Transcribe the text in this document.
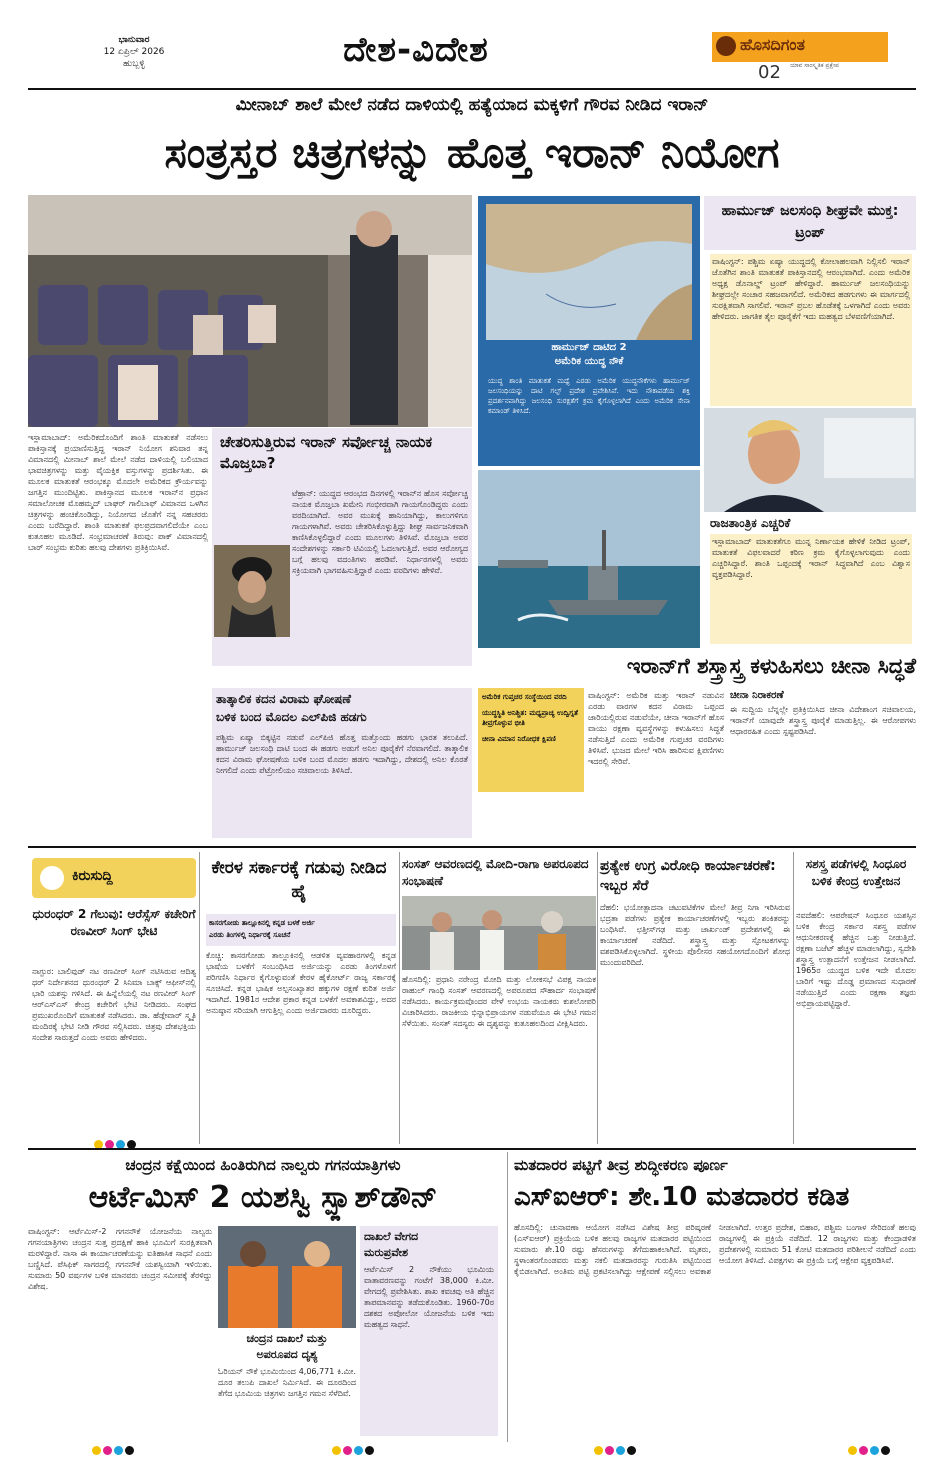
ಭಾನುವಾರ
12 ಏಪ್ರಿಲ್ 2026
ಹುಬ್ಬಳ್ಳಿ	ದೇಶ-ವಿದೇಶ	ಹೊಸದಿಗಂತ
ಯಾವ ಸಾಂಸ್ಕೃತಿಕ ಪ್ರಕ್ಷೇಪ
02
ಮೀನಾಬ್ ಶಾಲೆ ಮೇಲೆ ನಡೆದ ದಾಳಿಯಲ್ಲಿ ಹತ್ಯೆಯಾದ ಮಕ್ಕಳಿಗೆ ಗೌರವ ನೀಡಿದ ಇರಾನ್
ಸಂತ್ರಸ್ತರ ಚಿತ್ರಗಳನ್ನು ಹೊತ್ತ ಇರಾನ್ ನಿಯೋಗ
ಇಸ್ಲಾಮಾಬಾದ್: ಅಮೆರಿಕದೊಂದಿಗೆ ಶಾಂತಿ ಮಾತುಕತೆ ನಡೆಸಲು ಪಾಕಿಸ್ತಾನಕ್ಕೆ ಪ್ರಯಾಣಿಸುತ್ತಿದ್ದ ಇರಾನ್ ನಿಯೋಗ ಶನಿವಾರ ತನ್ನ ವಿಮಾನದಲ್ಲಿ ಮೀನಾಬ್ ಶಾಲೆ ಮೇಲೆ ನಡೆದ ದಾಳಿಯಲ್ಲಿ ಬಲಿಯಾದ ಭಾವಚಿತ್ರಗಳನ್ನು ಮತ್ತು ವೈಯಕ್ತಿಕ ವಸ್ತುಗಳನ್ನು ಪ್ರದರ್ಶಿಸಿತು. ಈ ಮೂಲಕ ಮಾತುಕತೆ ಆರಂಭಕ್ಕೂ ಮೊದಲೇ ಅಮೆರಿಕದ ಕ್ರೌರ್ಯವನ್ನು ಜಗತ್ತಿನ ಮುಂದಿಟ್ಟಿತು. ಪಾಕಿಸ್ತಾನದ ಮೂಲಕ ಇರಾನ್‌ನ ಪ್ರಧಾನ ಸಮಾಲೋಚಕ ಮೊಹಮ್ಮದ್ ಬಾಘರ್ ಗಾಲಿಬಾಫ್ ವಿಮಾನದ ಒಳಗಿನ ಚಿತ್ರಗಳನ್ನು ಹಂಚಿಕೊಂಡಿದ್ದು, ನಿಯೋಗದ ಜೊತೆಗೆ ನನ್ನ ಸಹಚರರು ಎಂದು ಬರೆದಿದ್ದಾರೆ. ಶಾಂತಿ ಮಾತುಕತೆ ಫಲಪ್ರದವಾಗಲಿದೆಯೇ ಎಂಬ ಕುತೂಹಲ ಮೂಡಿದೆ. ಸಂಭ್ರಮಾಚರಣೆ ತಿರುವು: ಪಾಕ್ ವಿಮಾನದಲ್ಲಿ ಬಾರ್ ಸಂಭ್ರಮ ಕುರಿತು ಹಲವು ದೇಶಗಳು ಪ್ರತಿಕ್ರಿಯಿಸಿವೆ.
ಚೇತರಿಸುತ್ತಿರುವ ಇರಾನ್ ಸರ್ವೋಚ್ಚ ನಾಯಕ ಮೊಜ್ತಬಾ?
ಟೆಹ್ರಾನ್: ಯುದ್ಧದ ಆರಂಭದ ದಿನಗಳಲ್ಲಿ ಇರಾನ್‌ನ ಹೊಸ ಸರ್ವೋಚ್ಚ ನಾಯಕ ಮೊಜ್ತಬಾ ಖಮೇನಿ ಗಂಭೀರವಾಗಿ ಗಾಯಗೊಂಡಿದ್ದರು ಎಂದು ವರದಿಯಾಗಿದೆ. ಅವರ ಮುಖಕ್ಕೆ ಹಾನಿಯಾಗಿದ್ದು, ಕಾಲುಗಳಿಗೂ ಗಾಯಗಳಾಗಿವೆ. ಅವರು ಚೇತರಿಸಿಕೊಳ್ಳುತ್ತಿದ್ದು ಶೀಘ್ರ ಸಾರ್ವಜನಿಕವಾಗಿ ಕಾಣಿಸಿಕೊಳ್ಳಲಿದ್ದಾರೆ ಎಂದು ಮೂಲಗಳು ತಿಳಿಸಿವೆ. ಮೊಜ್ತಬಾ ಅವರ ಸಂದೇಶಗಳನ್ನು ಸರ್ಕಾರಿ ಟಿವಿಯಲ್ಲಿ ಓದಲಾಗುತ್ತಿದೆ. ಅವರ ಆರೋಗ್ಯದ ಬಗ್ಗೆ ಹಲವು ವದಂತಿಗಳು ಹರಡಿವೆ. ನಿರ್ಧಾರಗಳಲ್ಲಿ ಅವರು ಸಕ್ರಿಯವಾಗಿ ಭಾಗವಹಿಸುತ್ತಿದ್ದಾರೆ ಎಂದು ವರದಿಗಳು ಹೇಳಿವೆ.
ಹಾರ್ಮುಜ್ ದಾಟಿದ 2
ಅಮೆರಿಕ ಯುದ್ಧ ನೌಕೆ
ಯುದ್ಧ ಶಾಂತಿ ಮಾತುಕತೆ ಮಧ್ಯೆ ಎರಡು ಅಮೆರಿಕ ಯುದ್ಧನೌಕೆಗಳು ಹಾರ್ಮುಜ್ ಜಲಸಂಧಿಯನ್ನು ದಾಟಿ ಗಲ್ಫ್ ಪ್ರದೇಶ ಪ್ರವೇಶಿಸಿವೆ. ಇದು ನೌಕಾಪಡೆಯ ಶಕ್ತಿ ಪ್ರದರ್ಶನವಾಗಿದ್ದು ಜಲಸಂಧಿ ಸುರಕ್ಷತೆಗೆ ಕ್ರಮ ಕೈಗೊಳ್ಳಲಾಗಿದೆ ಎಂದು ಅಮೆರಿಕ ಸೇನಾ ಕಮಾಂಡ್ ತಿಳಿಸಿದೆ.
ಹಾರ್ಮುಜ್ ಜಲಸಂಧಿ ಶೀಘ್ರವೇ ಮುಕ್ತ: ಟ್ರಂಪ್
ವಾಷಿಂಗ್ಟನ್: ಪಶ್ಚಿಮ ಏಷ್ಯಾ ಯುದ್ಧದಲ್ಲಿ ಕೋಲಾಹಲವಾಗಿ ನಿಲ್ಲಿಸಲಿ ಇರಾನ್ ಜೊತೆಗಿನ ಶಾಂತಿ ಮಾತುಕತೆ ಪಾಕಿಸ್ತಾನದಲ್ಲಿ ಆರಂಭವಾಗಿದೆ. ಎಂದು ಅಮೆರಿಕ ಅಧ್ಯಕ್ಷ ಡೊನಾಲ್ಡ್ ಟ್ರಂಪ್ ಹೇಳಿದ್ದಾರೆ. ಹಾರ್ಮುಜ್ ಜಲಸಂಧಿಯನ್ನು ಶೀಘ್ರದಲ್ಲೇ ಸಂಚಾರ ಸಹಜವಾಗಲಿದೆ. ಅಮೆರಿಕದ ಹಡಗುಗಳು ಈ ಮಾರ್ಗದಲ್ಲಿ ಸುರಕ್ಷಿತವಾಗಿ ಸಾಗಲಿವೆ. ಇರಾನ್ ಪ್ರಬಲ ಹೊಡೆತಕ್ಕೆ ಒಳಗಾಗಿದೆ ಎಂದು ಅವರು ಹೇಳಿದರು. ಜಾಗತಿಕ ತೈಲ ಪೂರೈಕೆಗೆ ಇದು ಮಹತ್ವದ ಬೆಳವಣಿಗೆಯಾಗಿದೆ.
ರಾಜತಾಂತ್ರಿಕ ಎಚ್ಚರಿಕೆ
ಇಸ್ಲಾಮಾಬಾದ್ ಮಾತುಕತೆಗೂ ಮುನ್ನ ನಿರ್ಣಾಯಕ ಹೇಳಿಕೆ ನೀಡಿದ ಟ್ರಂಪ್, ಮಾತುಕತೆ ವಿಫಲವಾದರೆ ಕಠಿಣ ಕ್ರಮ ಕೈಗೊಳ್ಳಲಾಗುವುದು ಎಂದು ಎಚ್ಚರಿಸಿದ್ದಾರೆ. ಶಾಂತಿ ಒಪ್ಪಂದಕ್ಕೆ ಇರಾನ್ ಸಿದ್ಧವಾಗಿದೆ ಎಂಬ ವಿಶ್ವಾಸ ವ್ಯಕ್ತಪಡಿಸಿದ್ದಾರೆ.
ಇರಾನ್‌ಗೆ ಶಸ್ತ್ರಾಸ್ತ್ರ ಕಳುಹಿಸಲು ಚೀನಾ ಸಿದ್ಧತೆ
ಅಮೆರಿಕ ಗುಪ್ತಚರ ಸಂಸ್ಥೆಯಿಂದ ವರದಿ
ಯುದ್ಧಸ್ಥಿತಿ ಅನಿಶ್ಚಿತ: ಮಧ್ಯಪ್ರಾಚ್ಯ ಉದ್ವಿಗ್ನತೆ ತೀವ್ರಗೊಳ್ಳುವ ಭೀತಿ
ಚೀನಾ ವಿಮಾನ ನಿರೋಧಕ ಕ್ಷಿಪಣಿ
ವಾಷಿಂಗ್ಟನ್: ಅಮೆರಿಕ ಮತ್ತು ಇರಾನ್ ನಡುವಿನ ಎರಡು ವಾರಗಳ ಕದನ ವಿರಾಮ ಒಪ್ಪಂದ ಜಾರಿಯಲ್ಲಿರುವ ನಡುವೆಯೇ, ಚೀನಾ ಇರಾನ್‌ಗೆ ಹೊಸ ವಾಯು ರಕ್ಷಣಾ ವ್ಯವಸ್ಥೆಗಳನ್ನು ಕಳುಹಿಸಲು ಸಿದ್ಧತೆ ನಡೆಸುತ್ತಿದೆ ಎಂದು ಅಮೆರಿಕ ಗುಪ್ತಚರ ವರದಿಗಳು ತಿಳಿಸಿವೆ. ಭುಜದ ಮೇಲೆ ಇರಿಸಿ ಹಾರಿಸುವ ಕ್ಷಿಪಣಿಗಳು ಇದರಲ್ಲಿ ಸೇರಿವೆ.
ಚೀನಾ ನಿರಾಕರಣೆ
ಈ ಸುದ್ದಿಯ ಬೆನ್ನಲ್ಲೇ ಪ್ರತಿಕ್ರಿಯಿಸಿದ ಚೀನಾ ವಿದೇಶಾಂಗ ಸಚಿವಾಲಯ, ಇರಾನ್‌ಗೆ ಯಾವುದೇ ಶಸ್ತ್ರಾಸ್ತ್ರ ಪೂರೈಕೆ ಮಾಡುತ್ತಿಲ್ಲ. ಈ ಆರೋಪಗಳು ಆಧಾರರಹಿತ ಎಂದು ಸ್ಪಷ್ಟಪಡಿಸಿದೆ.
ತಾತ್ಕಾಲಿಕ ಕದನ ವಿರಾಮ ಘೋಷಣೆ
ಬಳಿಕ ಬಂದ ಮೊದಲ ಎಲ್‌ಪಿಜಿ ಹಡಗು
ಪಶ್ಚಿಮ ಏಷ್ಯಾ ಬಿಕ್ಕಟ್ಟಿನ ನಡುವೆ ಎಲ್‌ಪಿಜಿ ಹೊತ್ತ ಮತ್ತೊಂದು ಹಡಗು ಭಾರತ ತಲುಪಿದೆ. ಹಾರ್ಮುಜ್ ಜಲಸಂಧಿ ದಾಟಿ ಬಂದ ಈ ಹಡಗು ಅಡುಗೆ ಅನಿಲ ಪೂರೈಕೆಗೆ ನೆರವಾಗಲಿದೆ. ತಾತ್ಕಾಲಿಕ ಕದನ ವಿರಾಮ ಘೋಷಣೆಯ ಬಳಿಕ ಬಂದ ಮೊದಲ ಹಡಗು ಇದಾಗಿದ್ದು, ದೇಶದಲ್ಲಿ ಅನಿಲ ಕೊರತೆ ನೀಗಲಿದೆ ಎಂದು ಪೆಟ್ರೋಲಿಯಂ ಸಚಿವಾಲಯ ತಿಳಿಸಿದೆ.
ಕಿರುಸುದ್ದಿ
ಧುರಂಧರ್ 2 ಗೆಲುವು: ಆರೆಸ್ಸೆಸ್ ಕಚೇರಿಗೆ ರಣವೀರ್ ಸಿಂಗ್ ಭೇಟಿ
ನಾಗ್ಪುರ: ಬಾಲಿವುಡ್ ನಟ ರಣವೀರ್ ಸಿಂಗ್ ನಟಿಸಿರುವ ಆದಿತ್ಯ ಧರ್ ನಿರ್ದೇಶನದ ಧುರಂಧರ್ 2 ಸಿನಿಮಾ ಬಾಕ್ಸ್ ಆಫೀಸ್‌ನಲ್ಲಿ ಭಾರಿ ಯಶಸ್ಸು ಗಳಿಸಿದೆ. ಈ ಹಿನ್ನೆಲೆಯಲ್ಲಿ ನಟ ರಣವೀರ್ ಸಿಂಗ್ ಆರ್‌ಎಸ್‌ಎಸ್ ಕೇಂದ್ರ ಕಚೇರಿಗೆ ಭೇಟಿ ನೀಡಿದರು. ಸಂಘದ ಪ್ರಮುಖರೊಂದಿಗೆ ಮಾತುಕತೆ ನಡೆಸಿದರು. ಡಾ. ಹೆಡ್ಗೇವಾರ್ ಸ್ಮೃತಿ ಮಂದಿರಕ್ಕೆ ಭೇಟಿ ನೀಡಿ ಗೌರವ ಸಲ್ಲಿಸಿದರು. ಚಿತ್ರವು ದೇಶಭಕ್ತಿಯ ಸಂದೇಶ ಸಾರುತ್ತದೆ ಎಂದು ಅವರು ಹೇಳಿದರು.
ಕೇರಳ ಸರ್ಕಾರಕ್ಕೆ ಗಡುವು ನೀಡಿದ ಹೈ
ಕಾಸರಗೋಡು ತಾಲ್ಲೂಕಿನಲ್ಲಿ ಕನ್ನಡ ಬಳಕೆ ಅರ್ಜಿ
ಎರಡು ತಿಂಗಳಲ್ಲಿ ನಿರ್ಧಾರಕ್ಕೆ ಸೂಚನೆ
ಕೊಚ್ಚಿ: ಕಾಸರಗೋಡು ತಾಲ್ಲೂಕಿನಲ್ಲಿ ಆಡಳಿತ ವ್ಯವಹಾರಗಳಲ್ಲಿ ಕನ್ನಡ ಭಾಷೆಯ ಬಳಕೆಗೆ ಸಂಬಂಧಿಸಿದ ಅರ್ಜಿಯನ್ನು ಎರಡು ತಿಂಗಳೊಳಗೆ ಪರಿಗಣಿಸಿ ನಿರ್ಧಾರ ಕೈಗೊಳ್ಳುವಂತೆ ಕೇರಳ ಹೈಕೋರ್ಟ್ ರಾಜ್ಯ ಸರ್ಕಾರಕ್ಕೆ ಸೂಚಿಸಿದೆ. ಕನ್ನಡ ಭಾಷಿಕ ಅಲ್ಪಸಂಖ್ಯಾತರ ಹಕ್ಕುಗಳ ರಕ್ಷಣೆ ಕುರಿತ ಅರ್ಜಿ ಇದಾಗಿದೆ. 1981ರ ಆದೇಶ ಪ್ರಕಾರ ಕನ್ನಡ ಬಳಕೆಗೆ ಅವಕಾಶವಿದ್ದು, ಅದರ ಅನುಷ್ಠಾನ ಸರಿಯಾಗಿ ಆಗುತ್ತಿಲ್ಲ ಎಂದು ಅರ್ಜಿದಾರರು ದೂರಿದ್ದರು.
ಸಂಸತ್ ಆವರಣದಲ್ಲಿ ಮೋದಿ-ರಾಗಾ ಅಪರೂಪದ ಸಂಭಾಷಣೆ
ಹೊಸದಿಲ್ಲಿ: ಪ್ರಧಾನಿ ನರೇಂದ್ರ ಮೋದಿ ಮತ್ತು ಲೋಕಸಭೆ ವಿಪಕ್ಷ ನಾಯಕ ರಾಹುಲ್ ಗಾಂಧಿ ಸಂಸತ್ ಆವರಣದಲ್ಲಿ ಅಪರೂಪದ ಸೌಹಾರ್ದ ಸಂಭಾಷಣೆ ನಡೆಸಿದರು. ಕಾರ್ಯಕ್ರಮವೊಂದರ ವೇಳೆ ಉಭಯ ನಾಯಕರು ಕುಶಲೋಪರಿ ವಿಚಾರಿಸಿದರು. ರಾಜಕೀಯ ಭಿನ್ನಾಭಿಪ್ರಾಯಗಳ ನಡುವೆಯೂ ಈ ಭೇಟಿ ಗಮನ ಸೆಳೆಯಿತು. ಸಂಸತ್ ಸದಸ್ಯರು ಈ ದೃಶ್ಯವನ್ನು ಕುತೂಹಲದಿಂದ ವೀಕ್ಷಿಸಿದರು.
ಪ್ರತ್ಯೇಕ ಉಗ್ರ ವಿರೋಧಿ ಕಾರ್ಯಾಚರಣೆ: ಇಬ್ಬರ ಸೆರೆ
ದೆಹಲಿ: ಭಯೋತ್ಪಾದನಾ ಚಟುವಟಿಕೆಗಳ ಮೇಲೆ ತೀವ್ರ ನಿಗಾ ಇರಿಸಿರುವ ಭದ್ರತಾ ಪಡೆಗಳು ಪ್ರತ್ಯೇಕ ಕಾರ್ಯಾಚರಣೆಗಳಲ್ಲಿ ಇಬ್ಬರು ಶಂಕಿತರನ್ನು ಬಂಧಿಸಿವೆ. ಛತ್ತೀಸ್‌ಗಢ ಮತ್ತು ಜಾರ್ಖಂಡ್ ಪ್ರದೇಶಗಳಲ್ಲಿ ಈ ಕಾರ್ಯಾಚರಣೆ ನಡೆದಿದೆ. ಶಸ್ತ್ರಾಸ್ತ್ರ ಮತ್ತು ಸ್ಫೋಟಕಗಳನ್ನು ವಶಪಡಿಸಿಕೊಳ್ಳಲಾಗಿದೆ. ಸ್ಥಳೀಯ ಪೊಲೀಸರ ಸಹಯೋಗದೊಂದಿಗೆ ಶೋಧ ಮುಂದುವರಿದಿದೆ.
ಸಶಸ್ತ್ರ ಪಡೆಗಳಲ್ಲಿ ಸಿಂಧೂರ ಬಳಿಕ ಕೇಂದ್ರ ಉತ್ತೇಜನ
ನವದೆಹಲಿ: ಆಪರೇಷನ್ ಸಿಂಧೂರ ಯಶಸ್ಸಿನ ಬಳಿಕ ಕೇಂದ್ರ ಸರ್ಕಾರ ಸಶಸ್ತ್ರ ಪಡೆಗಳ ಆಧುನೀಕರಣಕ್ಕೆ ಹೆಚ್ಚಿನ ಒತ್ತು ನೀಡುತ್ತಿದೆ. ರಕ್ಷಣಾ ಬಜೆಟ್ ಹೆಚ್ಚಳ ಮಾಡಲಾಗಿದ್ದು, ಸ್ವದೇಶಿ ಶಸ್ತ್ರಾಸ್ತ್ರ ಉತ್ಪಾದನೆಗೆ ಉತ್ತೇಜನ ನೀಡಲಾಗಿದೆ. 1965ರ ಯುದ್ಧದ ಬಳಿಕ ಇದೇ ಮೊದಲ ಬಾರಿಗೆ ಇಷ್ಟು ದೊಡ್ಡ ಪ್ರಮಾಣದ ಸುಧಾರಣೆ ನಡೆಯುತ್ತಿದೆ ಎಂದು ರಕ್ಷಣಾ ತಜ್ಞರು ಅಭಿಪ್ರಾಯಪಟ್ಟಿದ್ದಾರೆ.
ಚಂದ್ರನ ಕಕ್ಷೆಯಿಂದ ಹಿಂತಿರುಗಿದ ನಾಲ್ವರು ಗಗನಯಾತ್ರಿಗಳು
ಆರ್ಟೆಮಿಸ್ 2 ಯಶಸ್ವಿ ಸ್ಪ್ಲಾಶ್‌ಡೌನ್
ವಾಷಿಂಗ್ಟನ್: ಆರ್ಟೆಮಿಸ್-2 ಗಗನನೌಕೆ ಯೋಜನೆಯ ನಾಲ್ವರು ಗಗನಯಾತ್ರಿಗಳು ಚಂದ್ರನ ಸುತ್ತ ಪ್ರದಕ್ಷಿಣೆ ಹಾಕಿ ಭೂಮಿಗೆ ಸುರಕ್ಷಿತವಾಗಿ ಮರಳಿದ್ದಾರೆ. ನಾಸಾ ಈ ಕಾರ್ಯಾಚರಣೆಯನ್ನು ಐತಿಹಾಸಿಕ ಸಾಧನೆ ಎಂದು ಬಣ್ಣಿಸಿದೆ. ಪೆಸಿಫಿಕ್ ಸಾಗರದಲ್ಲಿ ಗಗನನೌಕೆ ಯಶಸ್ವಿಯಾಗಿ ಇಳಿಯಿತು. ಸುಮಾರು 50 ವರ್ಷಗಳ ಬಳಿಕ ಮಾನವರು ಚಂದ್ರನ ಸಮೀಪಕ್ಕೆ ತೆರಳಿದ್ದು ವಿಶೇಷ.
ಚಂದ್ರನ ದಾಖಲೆ ಮತ್ತು
ಅಪರೂಪದ ದೃಶ್ಯ
ಓರಿಯನ್ ನೌಕೆ ಭೂಮಿಯಿಂದ 4,06,771 ಕಿ.ಮೀ. ದೂರ ತಲುಪಿ ದಾಖಲೆ ನಿರ್ಮಿಸಿದೆ. ಈ ದೂರದಿಂದ ತೆಗೆದ ಭೂಮಿಯ ಚಿತ್ರಗಳು ಜಗತ್ತಿನ ಗಮನ ಸೆಳೆದಿವೆ.
ದಾಖಲೆ ವೇಗದ
ಮರುಪ್ರವೇಶ
ಆರ್ಟೆಮಿಸ್ 2 ನೌಕೆಯು ಭೂಮಿಯ ವಾತಾವರಣವನ್ನು ಗಂಟೆಗೆ 38,000 ಕಿ.ಮೀ. ವೇಗದಲ್ಲಿ ಪ್ರವೇಶಿಸಿತು. ಶಾಖ ಕವಚವು ಅತಿ ಹೆಚ್ಚಿನ ತಾಪಮಾನವನ್ನು ತಡೆದುಕೊಂಡಿತು. 1960-70ರ ದಶಕದ ಅಪೋಲೋ ಯೋಜನೆಯ ಬಳಿಕ ಇದು ಮಹತ್ವದ ಸಾಧನೆ.
ಮತದಾರರ ಪಟ್ಟಿಗೆ ತೀವ್ರ ಶುದ್ಧೀಕರಣ ಪೂರ್ಣ
ಎಸ್‌ಐಆರ್: ಶೇ.10 ಮತದಾರರ ಕಡಿತ
ಹೊಸದಿಲ್ಲಿ: ಚುನಾವಣಾ ಆಯೋಗ ನಡೆಸಿದ ವಿಶೇಷ ತೀವ್ರ ಪರಿಷ್ಕರಣೆ (ಎಸ್‌ಐಆರ್) ಪ್ರಕ್ರಿಯೆಯ ಬಳಿಕ ಹಲವು ರಾಜ್ಯಗಳ ಮತದಾರರ ಪಟ್ಟಿಯಿಂದ ಸುಮಾರು ಶೇ.10 ರಷ್ಟು ಹೆಸರುಗಳನ್ನು ತೆಗೆದುಹಾಕಲಾಗಿದೆ. ಮೃತರು, ಸ್ಥಳಾಂತರಗೊಂಡವರು ಮತ್ತು ನಕಲಿ ಮತದಾರರನ್ನು ಗುರುತಿಸಿ ಪಟ್ಟಿಯಿಂದ ಕೈಬಿಡಲಾಗಿದೆ. ಅಂತಿಮ ಪಟ್ಟಿ ಪ್ರಕಟಿಸಲಾಗಿದ್ದು ಆಕ್ಷೇಪಣೆ ಸಲ್ಲಿಸಲು ಅವಕಾಶ ನೀಡಲಾಗಿದೆ. ಉತ್ತರ ಪ್ರದೇಶ, ಬಿಹಾರ, ಪಶ್ಚಿಮ ಬಂಗಾಳ ಸೇರಿದಂತೆ ಹಲವು ರಾಜ್ಯಗಳಲ್ಲಿ ಈ ಪ್ರಕ್ರಿಯೆ ನಡೆದಿದೆ. 12 ರಾಜ್ಯಗಳು ಮತ್ತು ಕೇಂದ್ರಾಡಳಿತ ಪ್ರದೇಶಗಳಲ್ಲಿ ಸುಮಾರು 51 ಕೋಟಿ ಮತದಾರರ ಪರಿಶೀಲನೆ ನಡೆದಿದೆ ಎಂದು ಆಯೋಗ ತಿಳಿಸಿದೆ. ವಿಪಕ್ಷಗಳು ಈ ಪ್ರಕ್ರಿಯೆ ಬಗ್ಗೆ ಆಕ್ಷೇಪ ವ್ಯಕ್ತಪಡಿಸಿವೆ.
